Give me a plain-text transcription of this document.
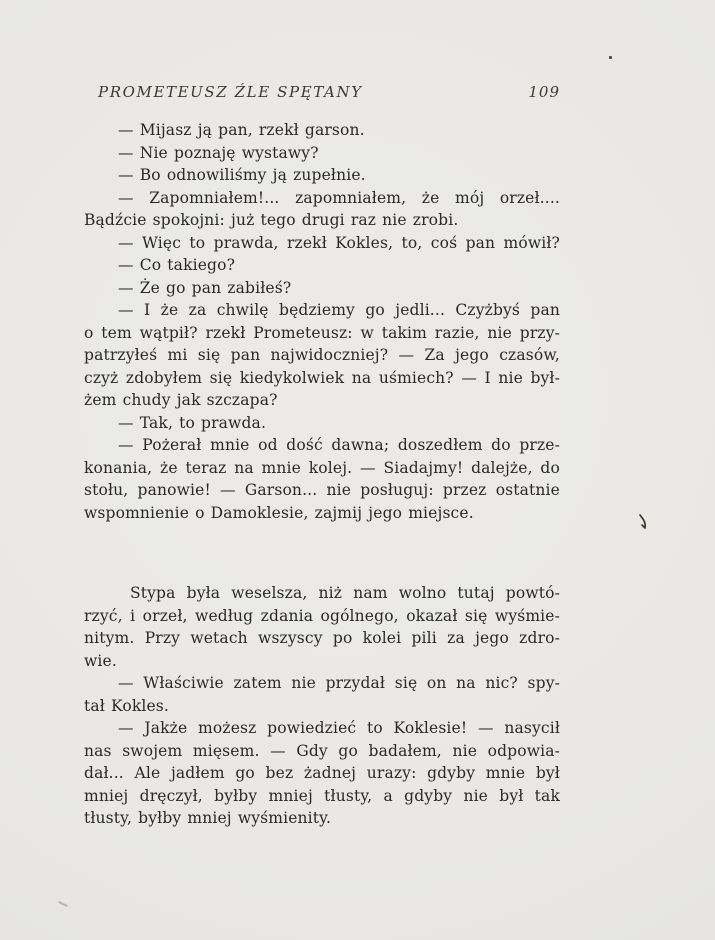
PROMETEUSZ ŹLE SPĘTANY	109
— Mijasz ją pan, rzekł garson.
— Nie poznaję wystawy?
— Bo odnowiliśmy ją zupełnie.
— Zapomniałem!... zapomniałem, że mój orzeł....
Bądźcie spokojni: już tego drugi raz nie zrobi.
— Więc to prawda, rzekł Kokles, to, coś pan mówił?
— Co takiego?
— Że go pan zabiłeś?
— I że za chwilę będziemy go jedli... Czyżbyś pan
o tem wątpił? rzekł Prometeusz: w takim razie, nie przy-
patrzyłeś mi się pan najwidoczniej? — Za jego czasów,
czyż zdobyłem się kiedykolwiek na uśmiech? — I nie był-
żem chudy jak szczapa?
— Tak, to prawda.
— Pożerał mnie od dość dawna; doszedłem do prze-
konania, że teraz na mnie kolej. — Siadajmy! dalejże, do
stołu, panowie! — Garson... nie posługuj: przez ostatnie
wspomnienie o Damoklesie, zajmij jego miejsce.
Stypa była weselsza, niż nam wolno tutaj powtó-
rzyć, i orzeł, według zdania ogólnego, okazał się wyśmie-
nitym. Przy wetach wszyscy po kolei pili za jego zdro-
wie.
— Właściwie zatem nie przydał się on na nic? spy-
tał Kokles.
— Jakże możesz powiedzieć to Koklesie! — nasycił
nas swojem mięsem. — Gdy go badałem, nie odpowia-
dał... Ale jadłem go bez żadnej urazy: gdyby mnie był
mniej dręczył, byłby mniej tłusty, a gdyby nie był tak
tłusty, byłby mniej wyśmienity.
